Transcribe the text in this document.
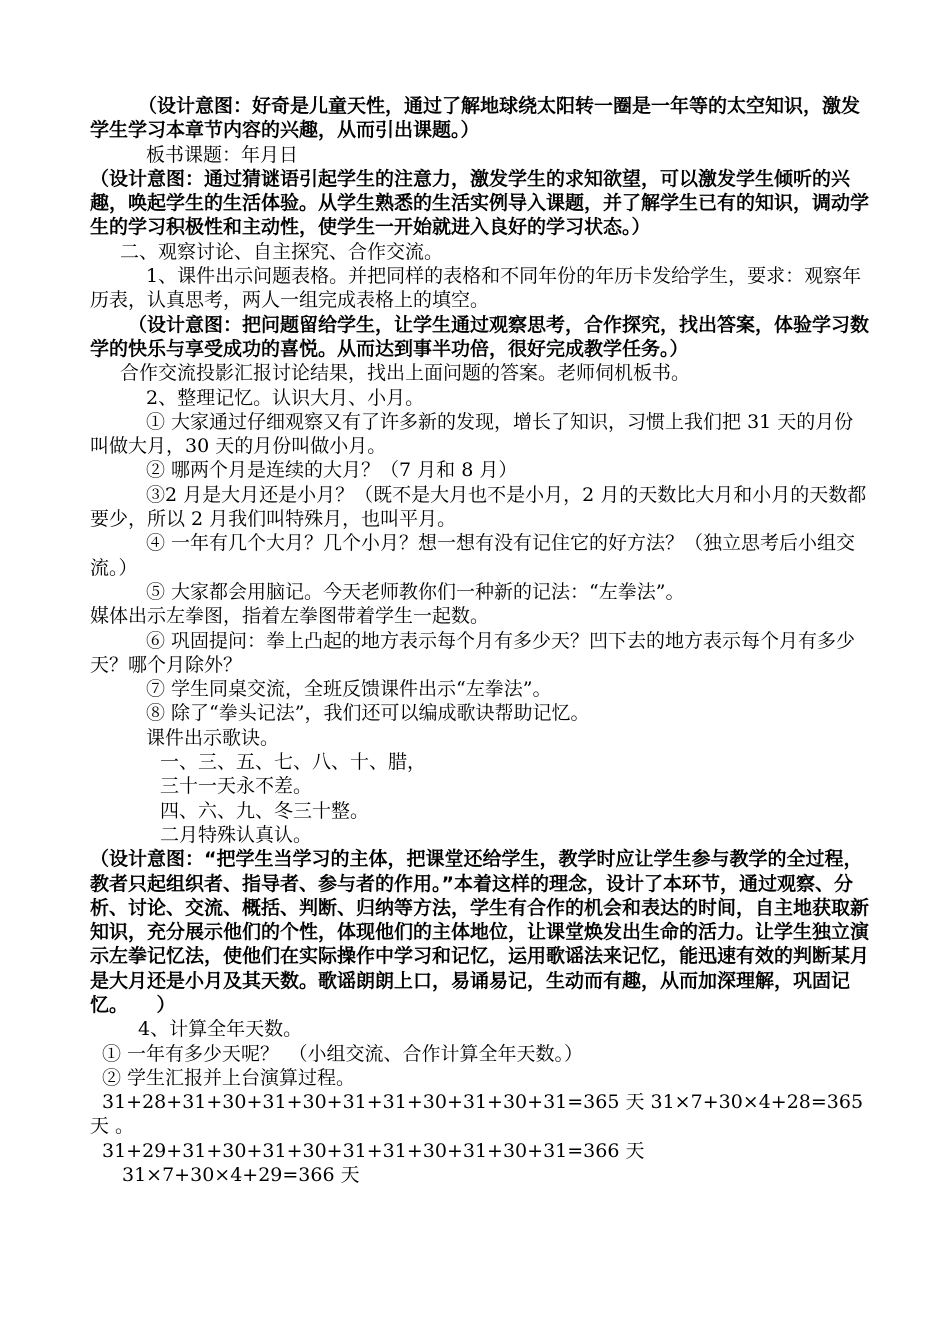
（设计意图：好奇是儿童天性，通过了解地球绕太阳转一圈是一年等的太空知识，激发学生学习本章节内容的兴趣，从而引出课题。）

板书课题：年月日

（设计意图：通过猜谜语引起学生的注意力，激发学生的求知欲望，可以激发学生倾听的兴趣，唤起学生的生活体验。从学生熟悉的生活实例导入课题，并了解学生已有的知识，调动学生的学习积极性和主动性，使学生一开始就进入良好的学习状态。）

二、观察讨论、自主探究、合作交流。

1、课件出示问题表格。并把同样的表格和不同年份的年历卡发给学生，要求：观察年历表，认真思考，两人一组完成表格上的填空。

（设计意图：把问题留给学生，让学生通过观察思考，合作探究，找出答案，体验学习数学的快乐与享受成功的喜悦。从而达到事半功倍，很好完成教学任务。）

合作交流投影汇报讨论结果，找出上面问题的答案。老师伺机板书。

2、整理记忆。认识大月、小月。

① 大家通过仔细观察又有了许多新的发现，增长了知识，习惯上我们把 31 天的月份叫做大月，30 天的月份叫做小月。

② 哪两个月是连续的大月？（7 月和 8 月）

③2 月是大月还是小月？（既不是大月也不是小月，2 月的天数比大月和小月的天数都要少，所以 2 月我们叫特殊月，也叫平月。

④ 一年有几个大月？几个小月？想一想有没有记住它的好方法？（独立思考后小组交流。）

⑤ 大家都会用脑记。今天老师教你们一种新的记法：“左拳法”。

媒体出示左拳图，指着左拳图带着学生一起数。

⑥ 巩固提问：拳上凸起的地方表示每个月有多少天？凹下去的地方表示每个月有多少天？哪个月除外？

⑦ 学生同桌交流，全班反馈课件出示“左拳法”。

⑧ 除了“拳头记法”，我们还可以编成歌诀帮助记忆。

课件出示歌诀。

一、三、五、七、八、十、腊，

三十一天永不差。

四、六、九、冬三十整。

二月特殊认真认。

（设计意图：“把学生当学习的主体，把课堂还给学生，教学时应让学生参与教学的全过程，教者只起组织者、指导者、参与者的作用。”本着这样的理念，设计了本环节，通过观察、分析、讨论、交流、概括、判断、归纳等方法，学生有合作的机会和表达的时间，自主地获取新知识，充分展示他们的个性，体现他们的主体地位，让课堂焕发出生命的活力。让学生独立演示左拳记忆法，使他们在实际操作中学习和记忆，运用歌谣法来记忆，能迅速有效的判断某月是大月还是小月及其天数。歌谣朗朗上口，易诵易记，生动而有趣，从而加深理解，巩固记忆。　　）

4、计算全年天数。

① 一年有多少天呢？　（小组交流、合作计算全年天数。）

② 学生汇报并上台演算过程。

31+28+31+30+31+30+31+31+30+31+30+31=365 天 31×7+30×4+28=365 天 。

31+29+31+30+31+30+31+31+30+31+30+31=366 天

31×7+30×4+29=366 天
